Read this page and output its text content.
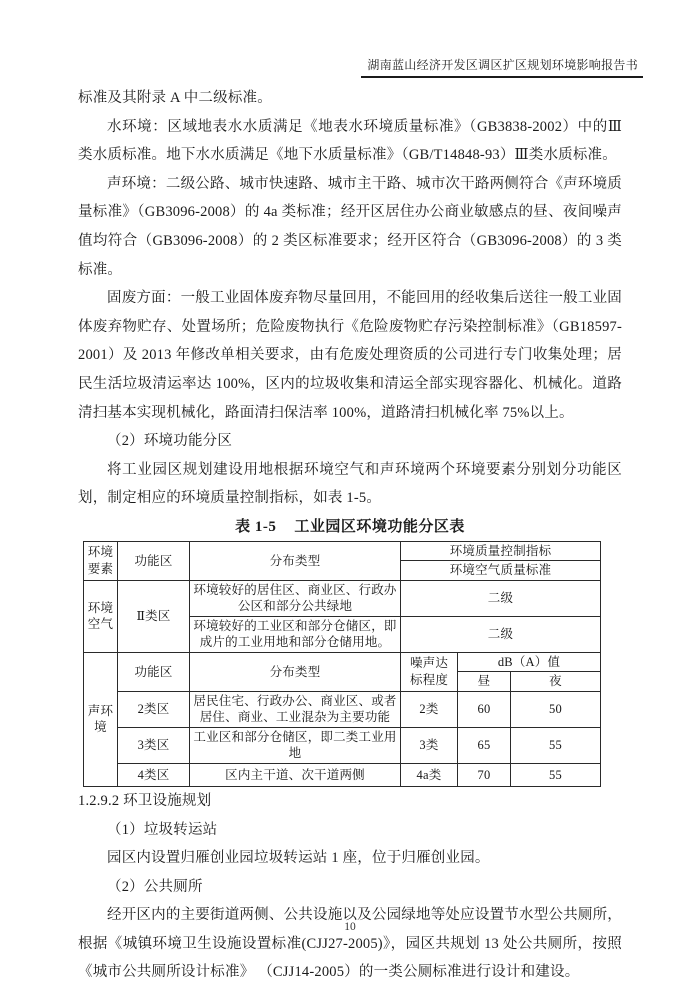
湖南蓝山经济开发区调区扩区规划环境影响报告书

标准及其附录 A 中二级标准。

水环境：区域地表水水质满足《地表水环境质量标准》（GB3838-2002）中的Ⅲ类水质标准。地下水水质满足《地下水质量标准》（GB/T14848-93）Ⅲ类水质标准。

声环境：二级公路、城市快速路、城市主干路、城市次干路两侧符合《声环境质量标准》（GB3096-2008）的 4a 类标准；经开区居住办公商业敏感点的昼、夜间噪声值均符合（GB3096-2008）的 2 类区标准要求；经开区符合（GB3096-2008）的 3 类标准。

固废方面：一般工业固体废弃物尽量回用，不能回用的经收集后送往一般工业固体废弃物贮存、处置场所；危险废物执行《危险废物贮存污染控制标准》（GB18597-2001）及 2013 年修改单相关要求，由有危废处理资质的公司进行专门收集处理；居民生活垃圾清运率达 100%，区内的垃圾收集和清运全部实现容器化、机械化。道路清扫基本实现机械化，路面清扫保洁率 100%，道路清扫机械化率 75%以上。

（2）环境功能分区

将工业园区规划建设用地根据环境空气和声环境两个环境要素分别划分功能区划，制定相应的环境质量控制指标，如表 1-5。

表 1-5 工业园区环境功能分区表
环境要素	功能区	分布类型	环境质量控制指标		
			环境空气质量标准		
环境空气	Ⅱ类区	环境较好的居住区、商业区、行政办公区和部分公共绿地	二级		
		环境较好的工业区和部分仓储区，即成片的工业用地和部分仓储用地。	二级		
声环境	功能区	分布类型	噪声达标程度	dB（A）值	
				昼	夜
	2类区	居民住宅、行政办公、商业区、或者居住、商业、工业混杂为主要功能	2类	60	50
	3类区	工业区和部分仓储区，即二类工业用地	3类	65	55
	4类区	区内主干道、次干道两侧	4a类	70	55

1.2.9.2 环卫设施规划

（1）垃圾转运站

园区内设置归雁创业园垃圾转运站 1 座，位于归雁创业园。

（2）公共厕所

经开区内的主要街道两侧、公共设施以及公园绿地等处应设置节水型公共厕所，根据《城镇环境卫生设施设置标准(CJJ27-2005)》，园区共规划 13 处公共厕所，按照《城市公共厕所设计标准》 （CJJ14-2005）的一类公厕标准进行设计和建设。

10
